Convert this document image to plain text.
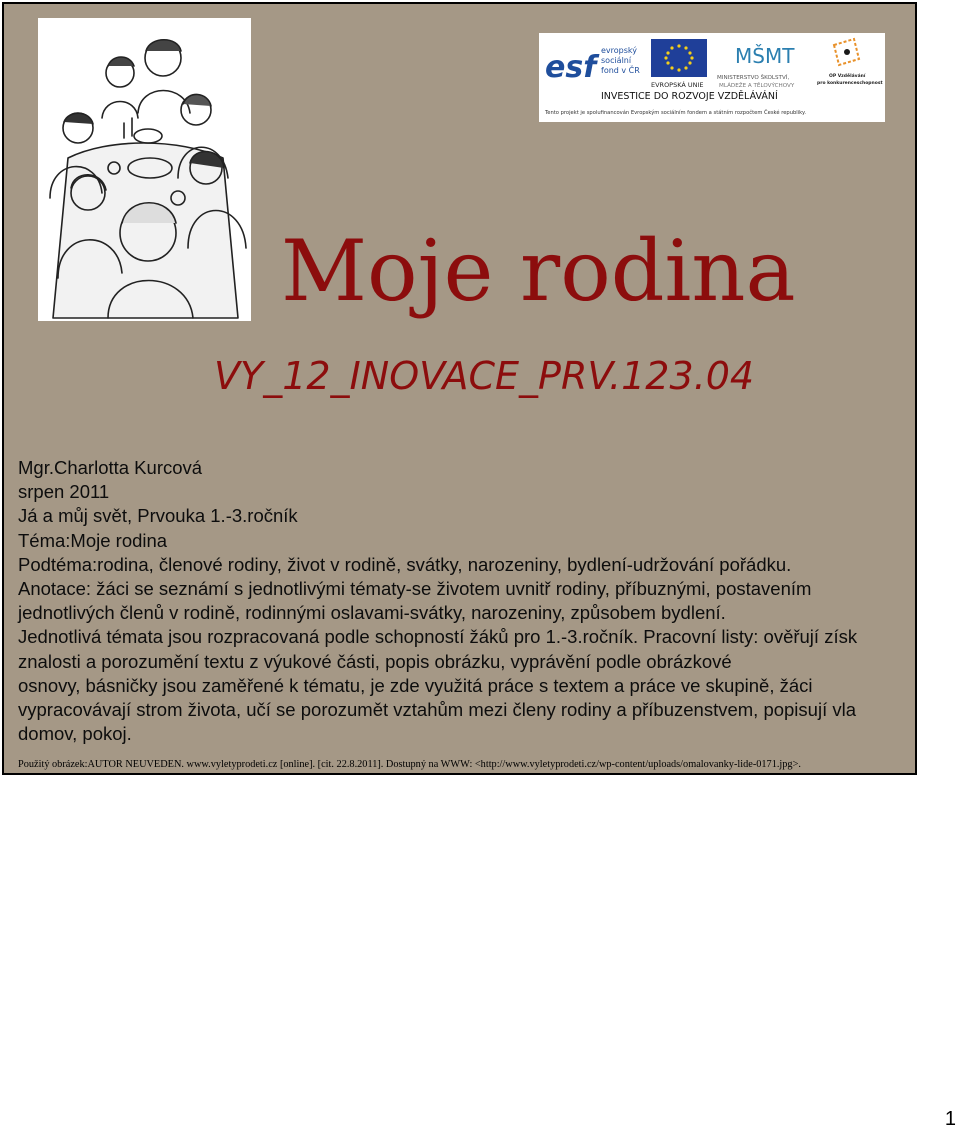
esf evropský
sociální
fond v ČR
EVROPSKÁ UNIE
MŠMT
MINISTERSTVO ŠKOLSTVÍ,
MLÁDEŽE A TĚLOVÝCHOVY
OP Vzdělávání
pro konkurenceschopnost
INVESTICE DO ROZVOJE VZDĚLÁVÁNÍ
Tento projekt je spolufinancován Evropským sociálním fondem a státním rozpočtem České republiky.
Moje rodina
VY_12_INOVACE_PRV.123.04
Mgr.Charlotta Kurcová
srpen 2011
Já a můj svět, Prvouka 1.-3.ročník
Téma:Moje rodina
Podtéma:rodina, členové rodiny, život v rodině, svátky, narozeniny, bydlení-udržování pořádku.
Anotace: žáci se seznámí s jednotlivými tématy-se životem uvnitř rodiny, příbuznými, postavením
jednotlivých členů v rodině, rodinnými oslavami-svátky, narozeniny, způsobem bydlení.
Jednotlivá témata jsou rozpracovaná podle schopností žáků pro 1.-3.ročník. Pracovní listy: ověřují získ
znalosti a porozumění textu z výukové části, popis obrázku, vyprávění podle obrázkové
osnovy, básničky jsou zaměřené k tématu, je zde využitá práce s textem a práce ve skupině, žáci
vypracovávají strom života, učí se porozumět vztahům mezi členy rodiny a příbuzenstvem, popisují vla
domov, pokoj.
Použitý obrázek:AUTOR NEUVEDEN. www.vyletyprodeti.cz [online]. [cit. 22.8.2011]. Dostupný na WWW: <http://www.vyletyprodeti.cz/wp-content/uploads/omalovanky-lide-0171.jpg>.
1
